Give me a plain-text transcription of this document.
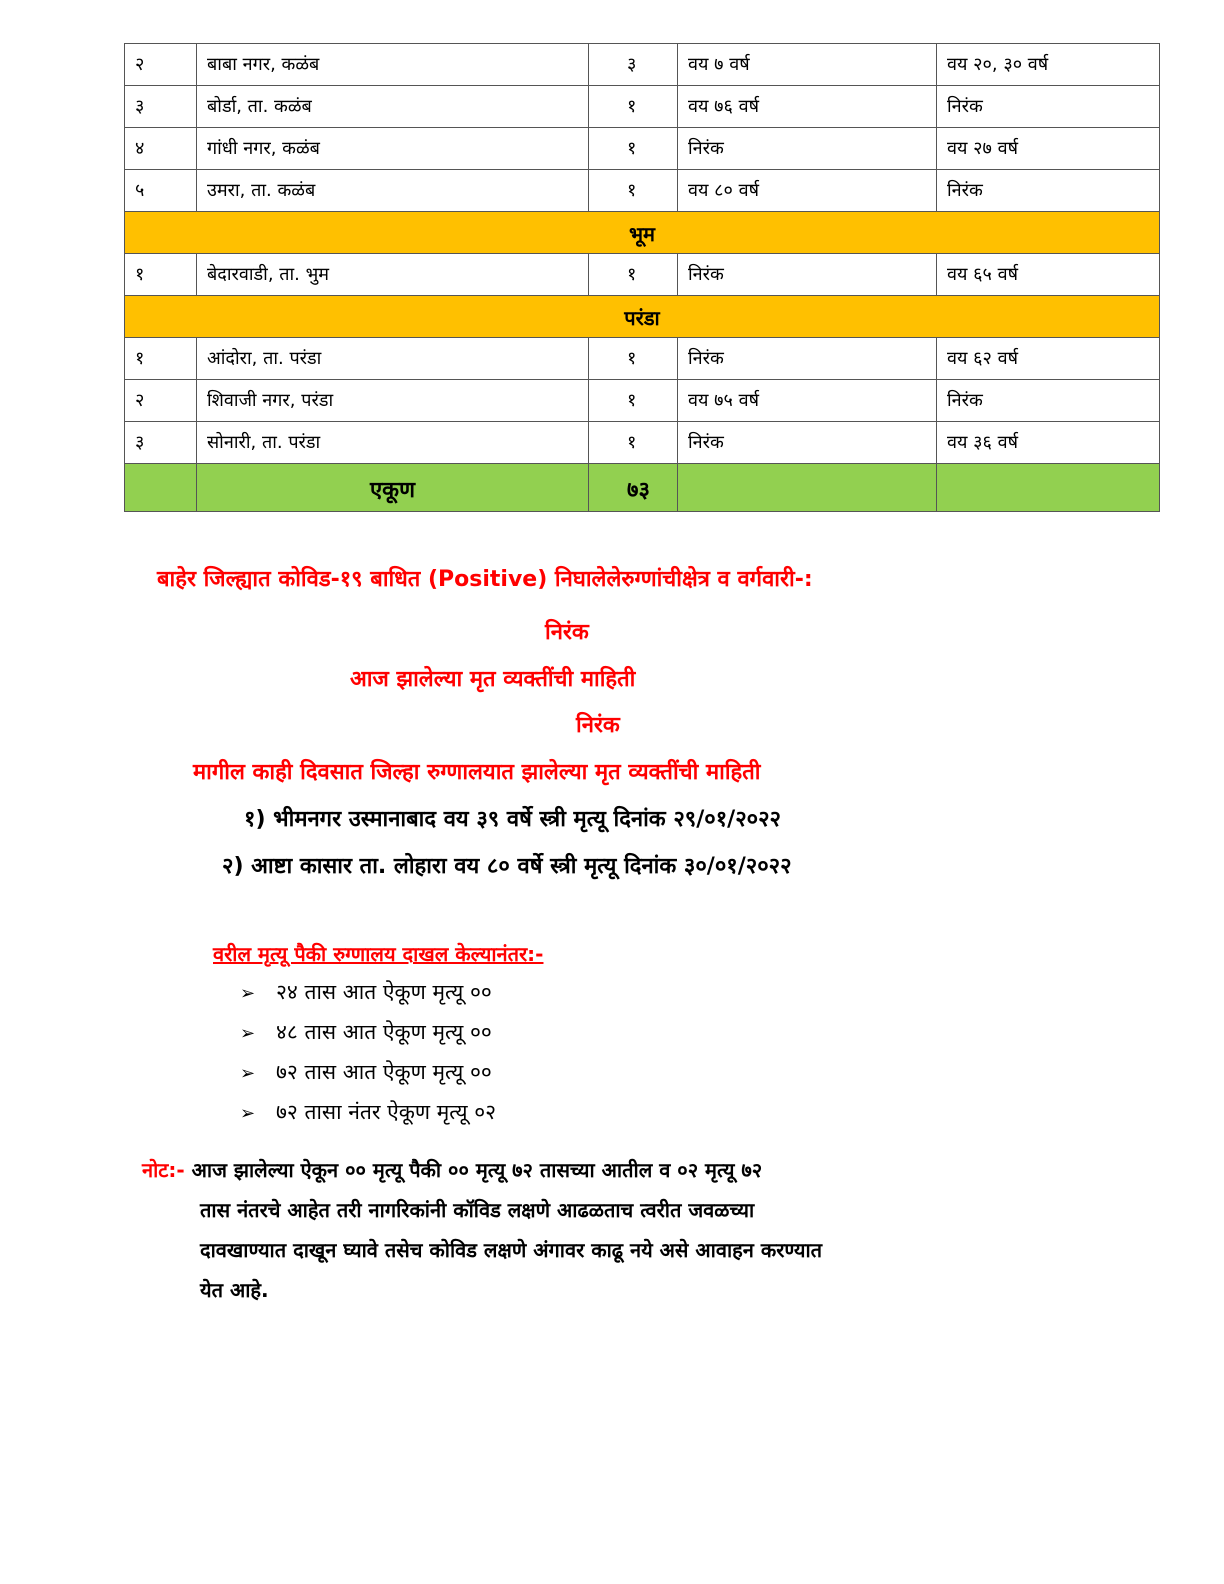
२	बाबा नगर, कळंब	३	वय ७ वर्ष	वय २०, ३० वर्ष
३	बोर्डा, ता. कळंब	१	वय ७६ वर्ष	निरंक
४	गांधी नगर, कळंब	१	निरंक	वय २७ वर्ष
५	उमरा, ता. कळंब	१	वय ८० वर्ष	निरंक
भूम				
१	बेदारवाडी, ता. भुम	१	निरंक	वय ६५ वर्ष
परंडा				
१	आंदोरा, ता. परंडा	१	निरंक	वय ६२ वर्ष
२	शिवाजी नगर, परंडा	१	वय ७५ वर्ष	निरंक
३	सोनारी, ता. परंडा	१	निरंक	वय ३६ वर्ष
	एकूण	७३		
बाहेर जिल्ह्यात कोविड-१९ बाधित (Positive) निघालेलेरुग्णांचीक्षेत्र व वर्गवारी-:
निरंक
आज झालेल्या मृत व्यक्तींची माहिती
निरंक
मागील काही दिवसात जिल्हा रुग्णालयात झालेल्या मृत व्यक्तींची माहिती
१) भीमनगर उस्मानाबाद वय ३९ वर्षे स्त्री मृत्यू दिनांक २९/०१/२०२२
२) आष्टा कासार ता. लोहारा वय ८० वर्षे स्त्री मृत्यू दिनांक ३०/०१/२०२२
वरील मृत्यू पैकी रुग्णालय दाखल केल्यानंतर:-
➢ २४ तास आत ऐकूण मृत्यू ००
➢ ४८ तास आत ऐकूण मृत्यू ००
➢ ७२ तास आत ऐकूण मृत्यू ००
➢ ७२ तासा नंतर ऐकूण मृत्यू ०२
नोट:- आज झालेल्या ऐकून ०० मृत्यू पैकी ०० मृत्यू ७२ तासच्या आतील व ०२ मृत्यू ७२
तास नंतरचे आहेत तरी नागरिकांनी कॉविड लक्षणे आढळताच त्वरीत जवळच्या
दावखाण्यात दाखून घ्यावे तसेच कोविड लक्षणे अंगावर काढू नये असे आवाहन करण्यात
येत आहे.
